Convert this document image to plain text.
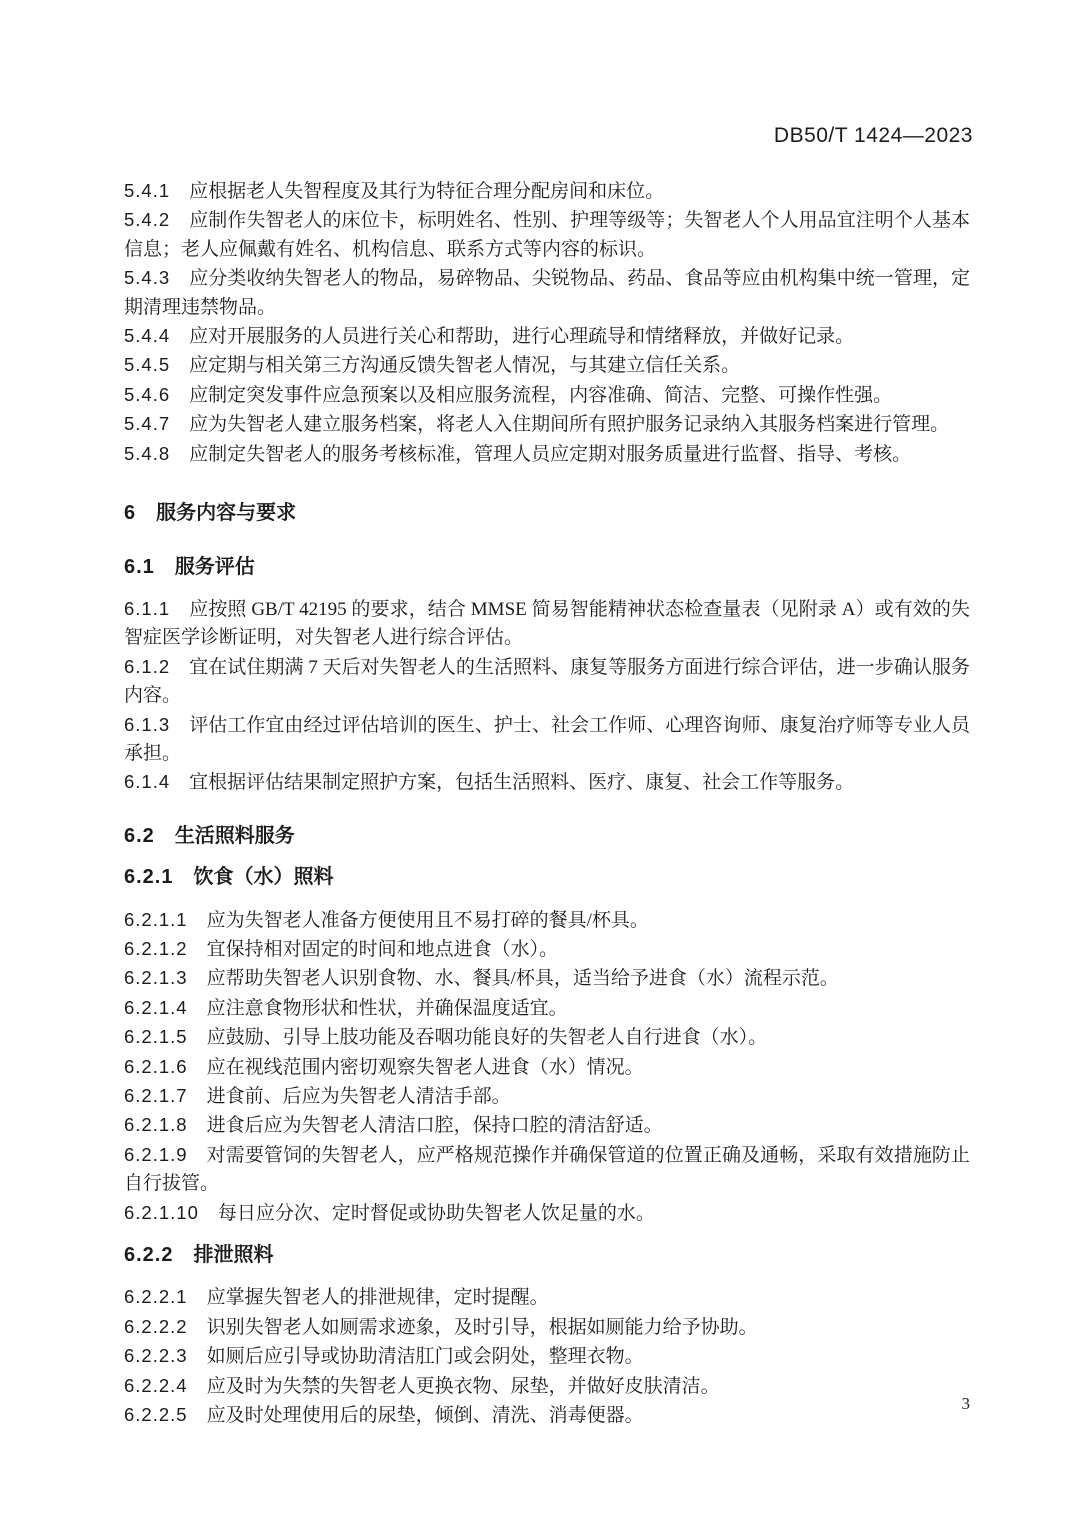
DB50/T 1424—2023

5.4.1 应根据老人失智程度及其行为特征合理分配房间和床位。

5.4.2 应制作失智老人的床位卡，标明姓名、性别、护理等级等；失智老人个人用品宜注明个人基本信息；老人应佩戴有姓名、机构信息、联系方式等内容的标识。

5.4.3 应分类收纳失智老人的物品，易碎物品、尖锐物品、药品、食品等应由机构集中统一管理，定期清理违禁物品。

5.4.4 应对开展服务的人员进行关心和帮助，进行心理疏导和情绪释放，并做好记录。

5.4.5 应定期与相关第三方沟通反馈失智老人情况，与其建立信任关系。

5.4.6 应制定突发事件应急预案以及相应服务流程，内容准确、简洁、完整、可操作性强。

5.4.7 应为失智老人建立服务档案，将老人入住期间所有照护服务记录纳入其服务档案进行管理。

5.4.8 应制定失智老人的服务考核标准，管理人员应定期对服务质量进行监督、指导、考核。

6 服务内容与要求
6.1 服务评估

6.1.1 应按照 GB/T 42195 的要求，结合 MMSE 简易智能精神状态检查量表（见附录 A）或有效的失智症医学诊断证明，对失智老人进行综合评估。

6.1.2 宜在试住期满 7 天后对失智老人的生活照料、康复等服务方面进行综合评估，进一步确认服务内容。

6.1.3 评估工作宜由经过评估培训的医生、护士、社会工作师、心理咨询师、康复治疗师等专业人员承担。

6.1.4 宜根据评估结果制定照护方案，包括生活照料、医疗、康复、社会工作等服务。

6.2 生活照料服务
6.2.1 饮食（水）照料

6.2.1.1 应为失智老人准备方便使用且不易打碎的餐具/杯具。

6.2.1.2 宜保持相对固定的时间和地点进食（水）。

6.2.1.3 应帮助失智老人识别食物、水、餐具/杯具，适当给予进食（水）流程示范。

6.2.1.4 应注意食物形状和性状，并确保温度适宜。

6.2.1.5 应鼓励、引导上肢功能及吞咽功能良好的失智老人自行进食（水）。

6.2.1.6 应在视线范围内密切观察失智老人进食（水）情况。

6.2.1.7 进食前、后应为失智老人清洁手部。

6.2.1.8 进食后应为失智老人清洁口腔，保持口腔的清洁舒适。

6.2.1.9 对需要管饲的失智老人，应严格规范操作并确保管道的位置正确及通畅，采取有效措施防止自行拔管。

6.2.1.10 每日应分次、定时督促或协助失智老人饮足量的水。

6.2.2 排泄照料

6.2.2.1 应掌握失智老人的排泄规律，定时提醒。

6.2.2.2 识别失智老人如厕需求迹象，及时引导，根据如厕能力给予协助。

6.2.2.3 如厕后应引导或协助清洁肛门或会阴处，整理衣物。

6.2.2.4 应及时为失禁的失智老人更换衣物、尿垫，并做好皮肤清洁。

6.2.2.5 应及时处理使用后的尿垫，倾倒、清洗、消毒便器。

3
